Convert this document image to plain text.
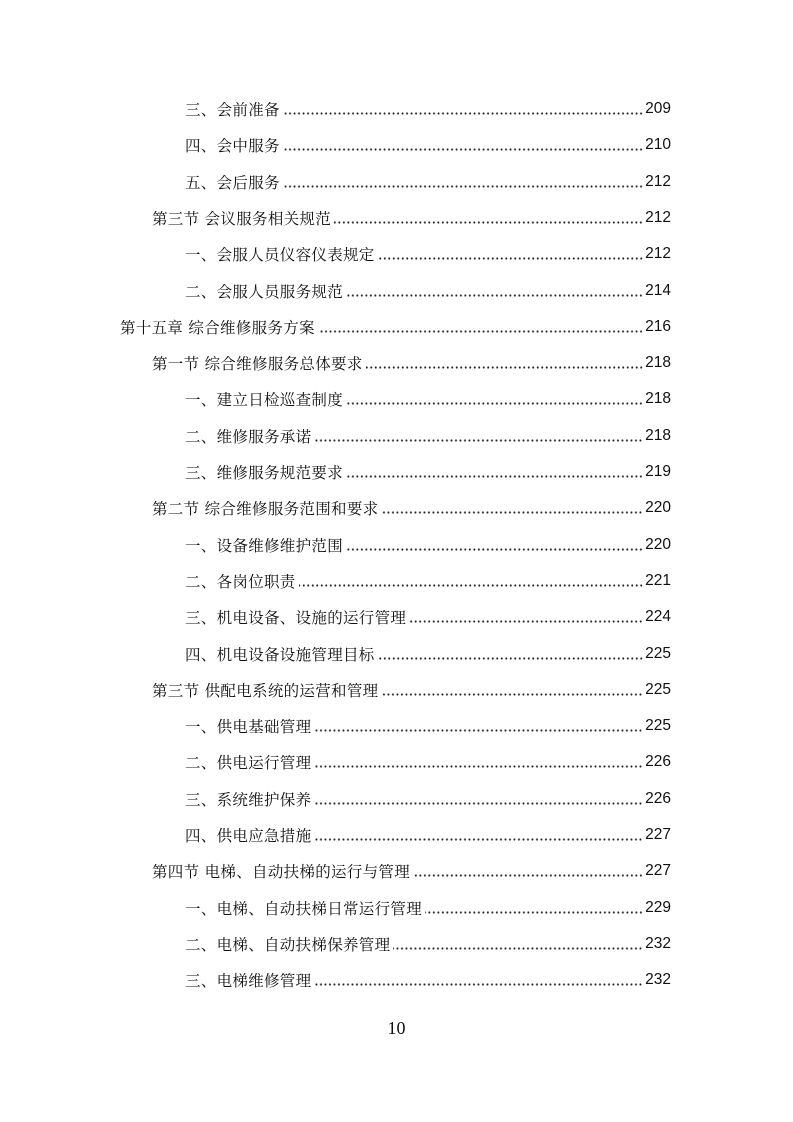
三、会前准备	209
四、会中服务	210
五、会后服务	212
第三节 会议服务相关规范	212
一、会服人员仪容仪表规定	212
二、会服人员服务规范	214
第十五章 综合维修服务方案	216
第一节 综合维修服务总体要求	218
一、建立日检巡查制度	218
二、维修服务承诺	218
三、维修服务规范要求	219
第二节 综合维修服务范围和要求	220
一、设备维修维护范围	220
二、各岗位职责	221
三、机电设备、设施的运行管理	224
四、机电设备设施管理目标	225
第三节 供配电系统的运营和管理	225
一、供电基础管理	225
二、供电运行管理	226
三、系统维护保养	226
四、供电应急措施	227
第四节 电梯、自动扶梯的运行与管理	227
一、电梯、自动扶梯日常运行管理	229
二、电梯、自动扶梯保养管理	232
三、电梯维修管理	232
10
